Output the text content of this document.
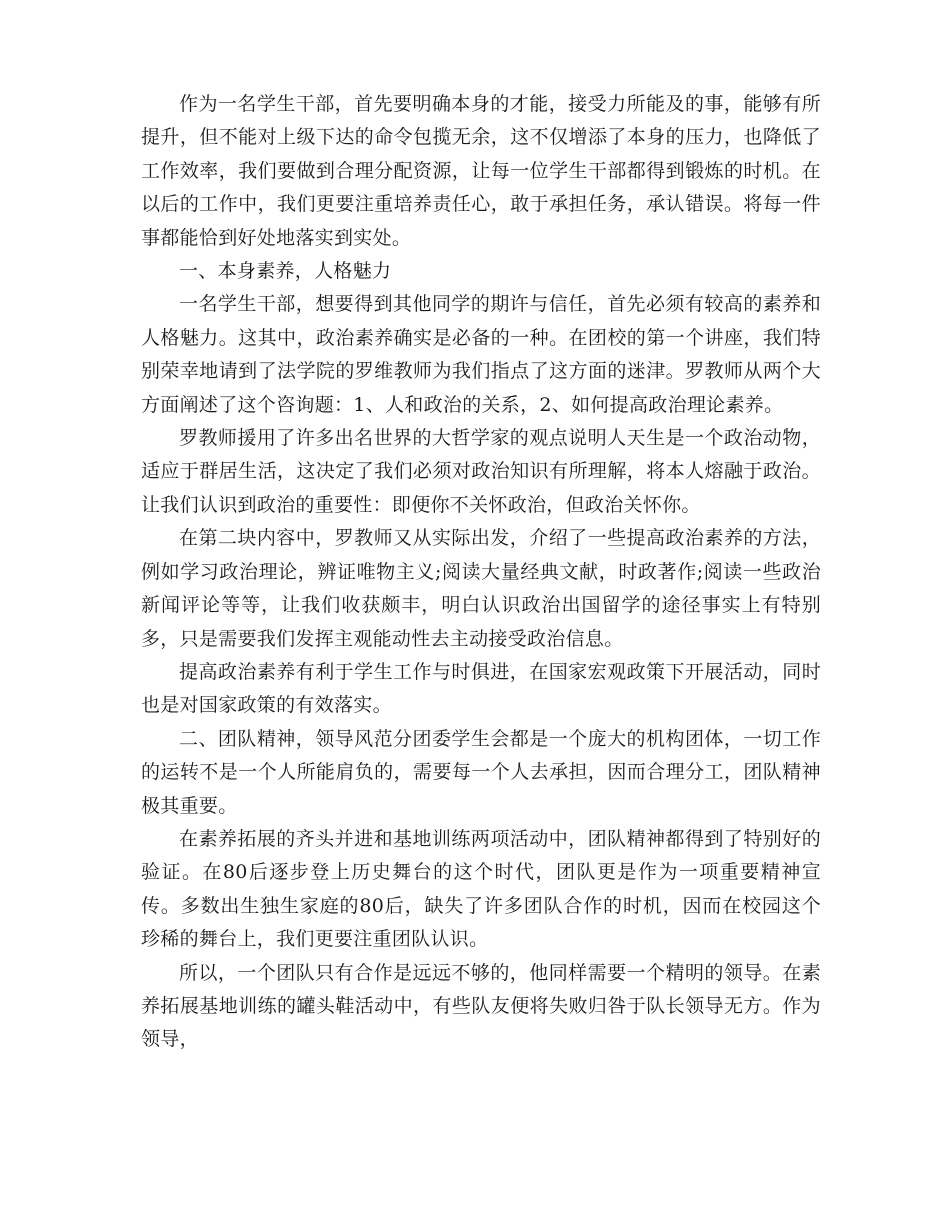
作为一名学生干部，首先要明确本身的才能，接受力所能及的事，能够有所提升，但不能对上级下达的命令包揽无余，这不仅增添了本身的压力，也降低了工作效率，我们要做到合理分配资源，让每一位学生干部都得到锻炼的时机。在以后的工作中，我们更要注重培养责任心，敢于承担任务，承认错误。将每一件事都能恰到好处地落实到实处。

一、本身素养，人格魅力

一名学生干部，想要得到其他同学的期许与信任，首先必须有较高的素养和人格魅力。这其中，政治素养确实是必备的一种。在团校的第一个讲座，我们特别荣幸地请到了法学院的罗维教师为我们指点了这方面的迷津。罗教师从两个大方面阐述了这个咨询题：1、人和政治的关系，2、如何提高政治理论素养。

罗教师援用了许多出名世界的大哲学家的观点说明人天生是一个政治动物，适应于群居生活，这决定了我们必须对政治知识有所理解，将本人熔融于政治。让我们认识到政治的重要性：即便你不关怀政治，但政治关怀你。

在第二块内容中，罗教师又从实际出发，介绍了一些提高政治素养的方法，例如学习政治理论，辨证唯物主义;阅读大量经典文献，时政著作;阅读一些政治新闻评论等等，让我们收获颇丰，明白认识政治出国留学的途径事实上有特别多，只是需要我们发挥主观能动性去主动接受政治信息。

提高政治素养有利于学生工作与时俱进，在国家宏观政策下开展活动，同时也是对国家政策的有效落实。

二、团队精神，领导风范分团委学生会都是一个庞大的机构团体，一切工作的运转不是一个人所能肩负的，需要每一个人去承担，因而合理分工，团队精神极其重要。

在素养拓展的齐头并进和基地训练两项活动中，团队精神都得到了特别好的验证。在80后逐步登上历史舞台的这个时代，团队更是作为一项重要精神宣传。多数出生独生家庭的80后，缺失了许多团队合作的时机，因而在校园这个珍稀的舞台上，我们更要注重团队认识。

所以，一个团队只有合作是远远不够的，他同样需要一个精明的领导。在素养拓展基地训练的罐头鞋活动中，有些队友便将失败归咎于队长领导无方。作为领导，
